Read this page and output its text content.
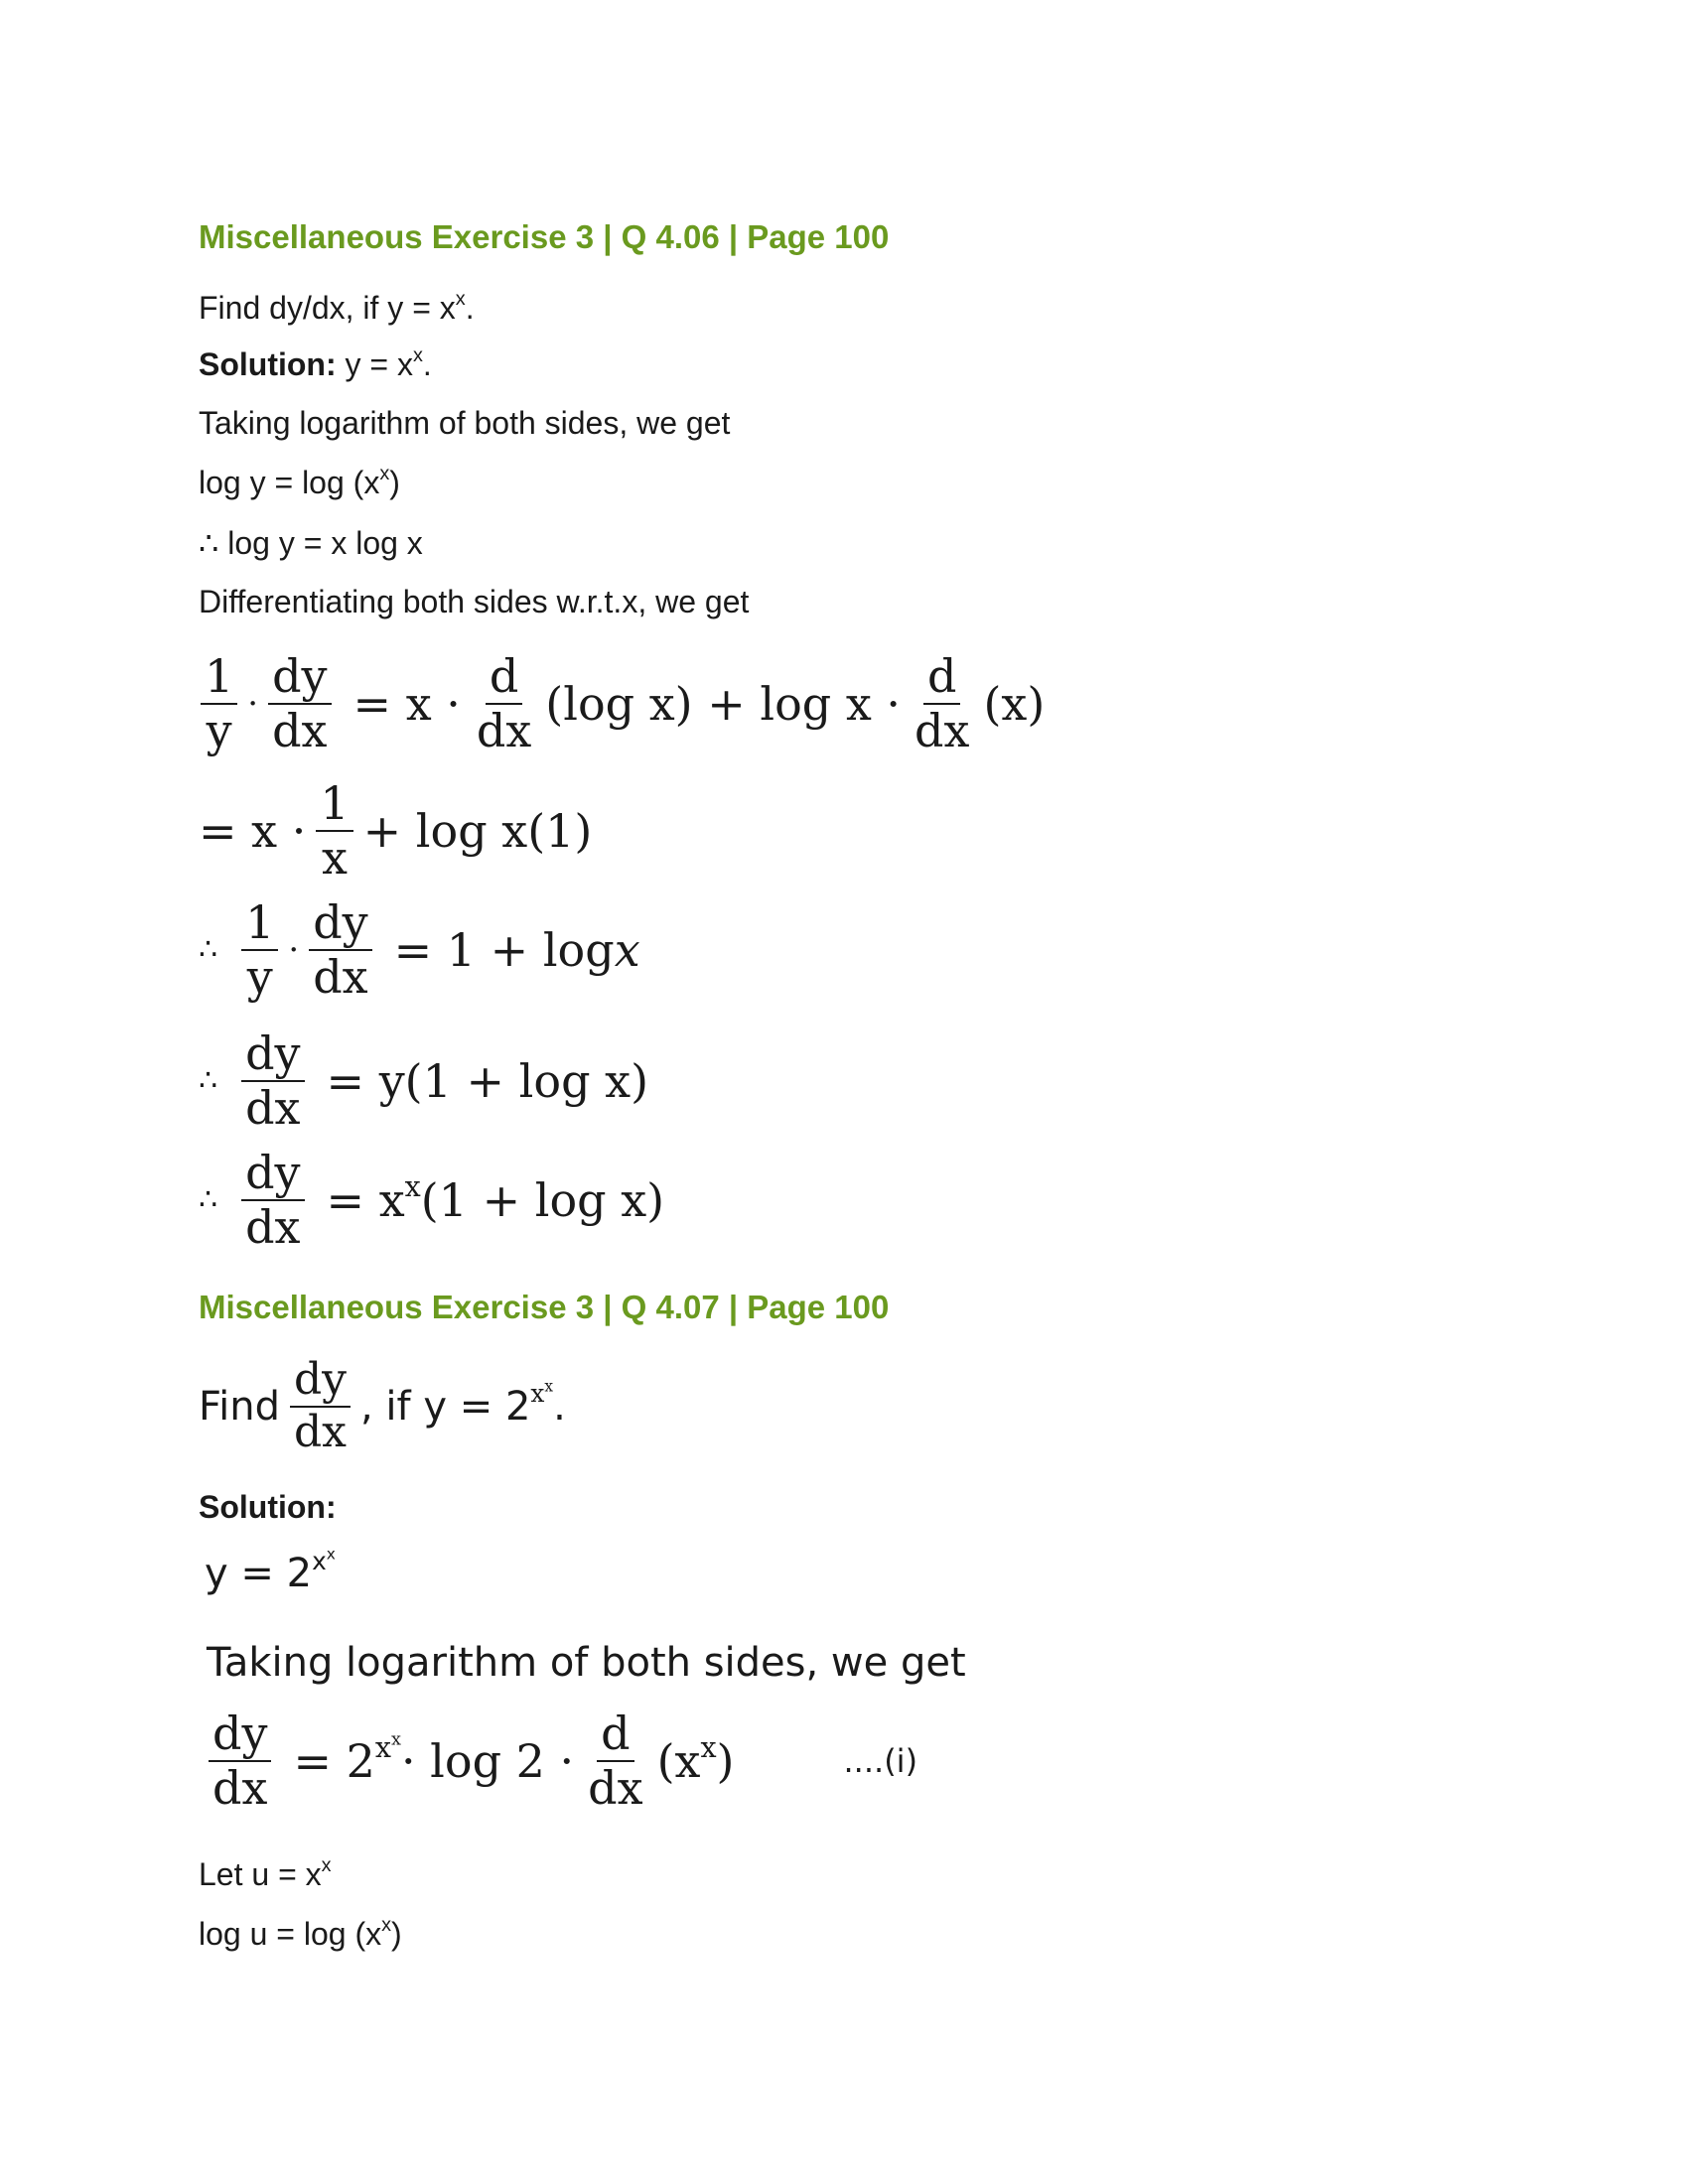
Miscellaneous Exercise 3 | Q 4.06 | Page 100
Find dy/dx, if $y = x^x$.
Solution: $y = x^x$.
Taking logarithm of both sides, we get
$\log y = \log (x^x)$
∴ log y = x log x
Differentiating both sides w.r.t.x, we get
$\frac{1}{y} \cdot \frac{dy}{dx} = x \cdot \frac{d}{dx} (\log$ $x) + \log x \cdot \frac{d}{dx} (x)$
= $x \cdot \frac{1}{x} + \log x(1)$
∴ $\frac{1}{y} \cdot \frac{dy}{dx} = 1 + \log x$
∴ $\frac{dy}{dx} = y(1 + \log x)$
∴ $\frac{dy}{dx} = x^x(1 + \log x)$
Miscellaneous Exercise 3 | Q 4.07 | Page 100
Find $\frac{dy}{dx}$ , if y = 2 $^{x^x}$ .
Solution:
$y = 2^{x^x}$
Taking logarithm of both sides, we get
$\frac{dy}{dx} = 2^{x^x} \cdot \log 2 \cdot \frac{d}{dx} (x^x)$	....(i)
Let $u = x^x$
$\log u = \log (x^x)$
